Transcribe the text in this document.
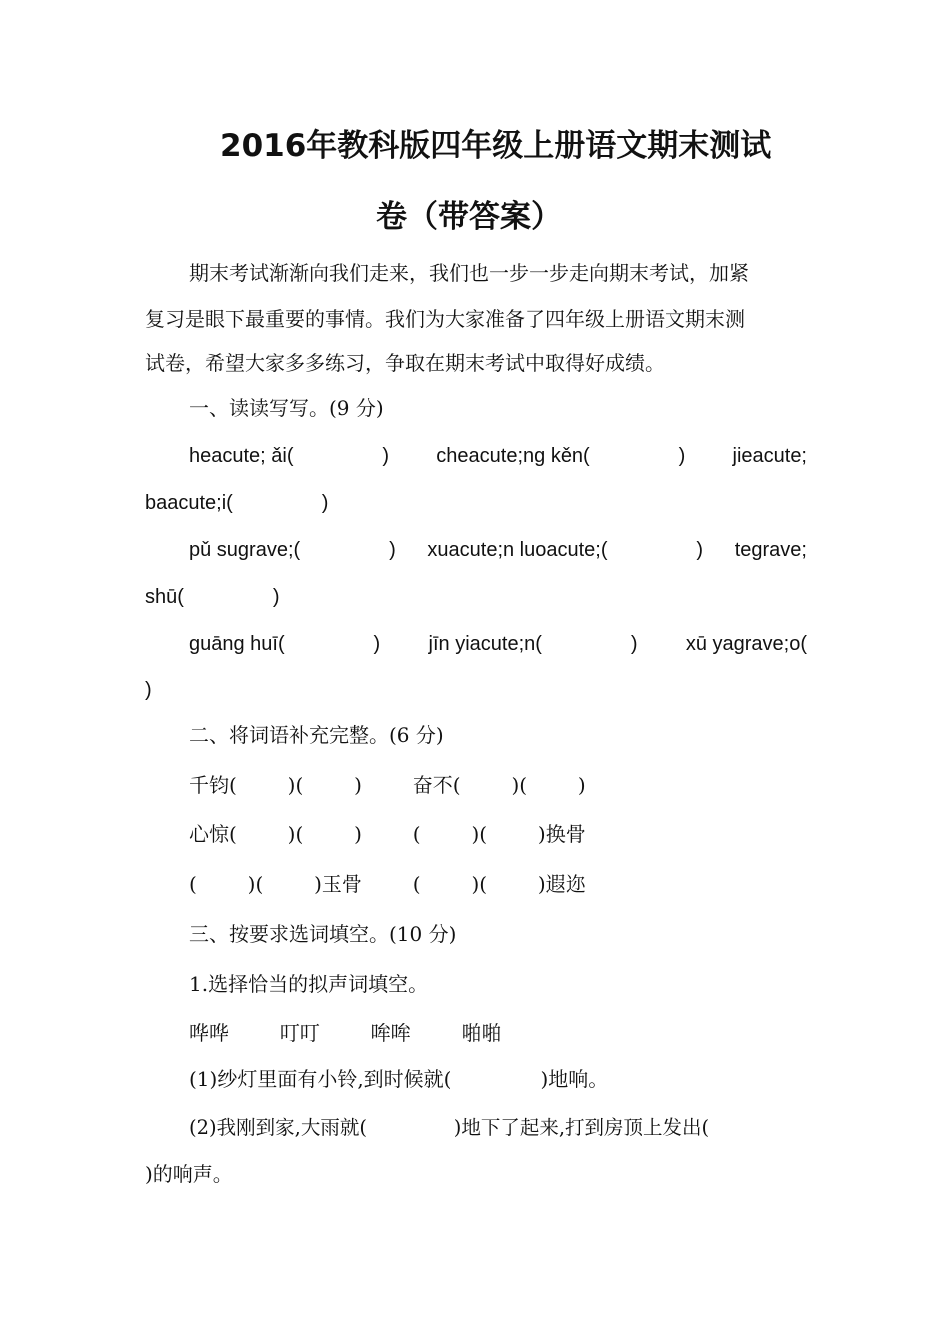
2016年教科版四年级上册语文期末测试
卷（带答案）
期末考试渐渐向我们走来，我们也一步一步走向期末考试，加紧
复习是眼下最重要的事情。我们为大家准备了四年级上册语文期末测
试卷，希望大家多多练习，争取在期末考试中取得好成绩。
一、读读写写。(9 分)
heacute; ǎi(                ) cheacute;ng kěn(                ) jieacute;
baacute;i(                )
pǔ sugrave;(                ) xuacute;n luoacute;(                ) tegrave;
shū(                )
guāng huī(                ) jīn yiacute;n(                ) xū yagrave;o(
)
二、将词语补充完整。(6 分)
千钧(        )(        )        奋不(        )(        )
心惊(        )(        )        (        )(        )换骨
(        )(        )玉骨        (        )(        )遐迩
三、按要求选词填空。(10 分)
1.选择恰当的拟声词填空。
哗哗        叮叮        哞哞        啪啪
(1)纱灯里面有小铃,到时候就(              )地响。
(2)我刚到家,大雨就(              )地下了起来,打到房顶上发出(
)的响声。
